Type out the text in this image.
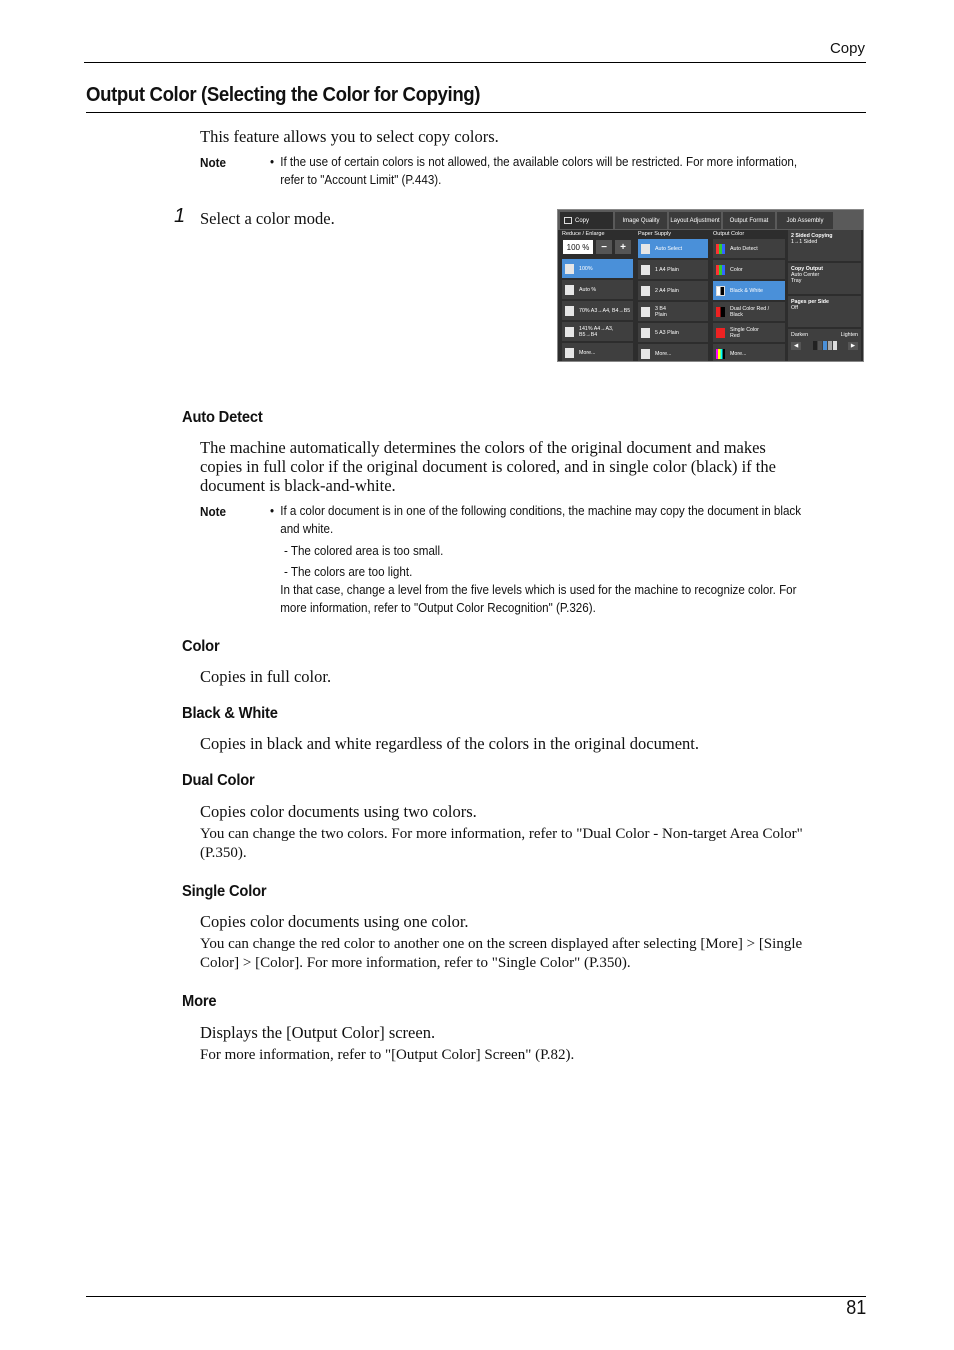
Copy
Output Color (Selecting the Color for Copying)
This feature allows you to select copy colors.
Note	• If the use of certain colors is not allowed, the available colors will be restricted. For more information,
refer to "Account Limit" (P.443).
1 Select a color mode.	Copy	Image Quality	Layout Adjustment	Output Format	Job Assembly
Reduce / Enlarge
100 %	−	+
100%
Auto %
70% A3→A4, B4→B5
141% A4→A3, B5→B4
More...
Paper Supply
Auto Select
1 A4 Plain
2 A4 Plain
3 B4 Plain
5 A3 Plain
More...
Output Color
Auto Detect
Color
Black & White
Dual Color Red / Black
Single Color Red
More...
2 Sided Copying
1→1 Sided
Copy Output
Auto Center Tray
Pages per Side
Off
Darken	Lighten
◀	▶
Auto Detect
The machine automatically determines the colors of the original document and makes
copies in full color if the original document is colored, and in single color (black) if the
document is black-and-white.
Note	• If a color document is in one of the following conditions, the machine may copy the document in black
and white.
- The colored area is too small.
- The colors are too light.
In that case, change a level from the five levels which is used for the machine to recognize color. For
more information, refer to "Output Color Recognition" (P.326).
Color
Copies in full color.
Black & White
Copies in black and white regardless of the colors in the original document.
Dual Color
Copies color documents using two colors.
You can change the two colors. For more information, refer to "Dual Color - Non-target Area Color"
(P.350).
Single Color
Copies color documents using one color.
You can change the red color to another one on the screen displayed after selecting [More] > [Single
Color] > [Color]. For more information, refer to "Single Color" (P.350).
More
Displays the [Output Color] screen.
For more information, refer to "[Output Color] Screen" (P.82).
81
